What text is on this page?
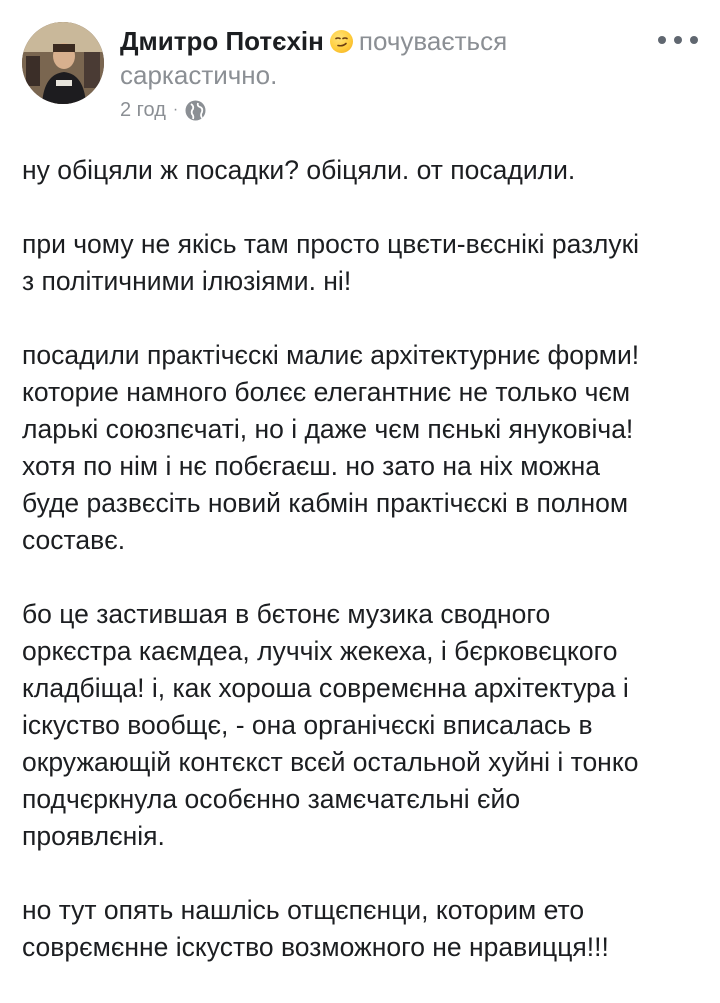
Дмитро Потєхін почувається саркастично.
2 год ·

ну обіцяли ж посадки? обіцяли. от посадили.

при чому не якісь там просто цвєти-вєснікі разлукі
з політичними ілюзіями. ні!

посадили практічєскі малиє архітектурниє форми!
которие намного болєє елегантниє не только чєм
ларькі союзпєчаті, но і даже чєм пєнькі януковіча!
хотя по нім і нє побєгаєш. но зато на ніх можна
буде развєсіть новий кабмін практічєскі в полном
составє.

бо це застившая в бєтонє музика сводного
оркєстра каємдеа, луччіх жекеха, і бєрковєцкого
кладбіща! і, как хороша совремєнна архітектура і
іскуство вообщє, - она органічєскі вписалась в
окружающій контєкст всєй остальной хуйні і тонко
подчєркнула особєнно замєчатєльні єйо
проявлєнія.

но тут опять нашлісь отщєпєнци, которим ето
соврємєнне іскуство возможного не нравицця!!!
